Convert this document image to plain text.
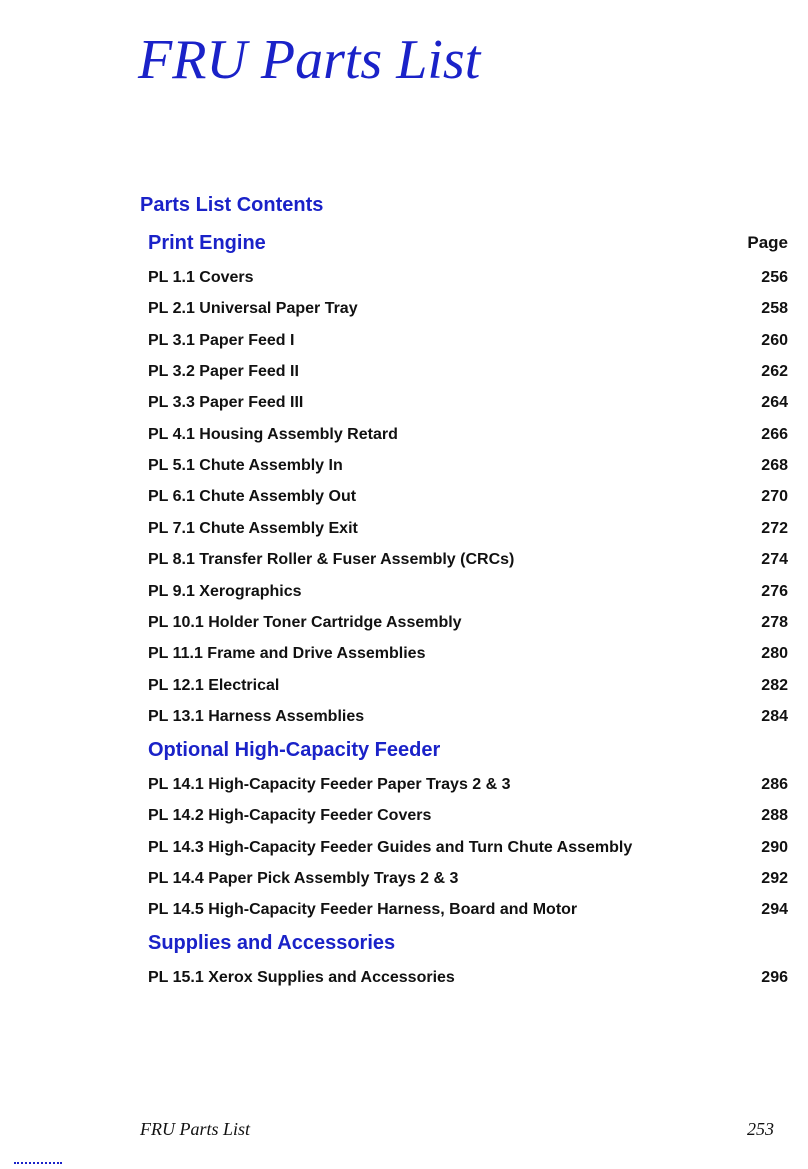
FRU Parts List
Parts List Contents
Page
Print Engine
PL 1.1 Covers	256
PL 2.1 Universal Paper Tray	258
PL 3.1 Paper Feed I	260
PL 3.2 Paper Feed II	262
PL 3.3 Paper Feed III	264
PL 4.1 Housing Assembly Retard	266
PL 5.1 Chute Assembly In	268
PL 6.1 Chute Assembly Out	270
PL 7.1 Chute Assembly Exit	272
PL 8.1 Transfer Roller & Fuser Assembly (CRCs)	274
PL 9.1 Xerographics	276
PL 10.1 Holder Toner Cartridge Assembly	278
PL 11.1 Frame and Drive Assemblies	280
PL 12.1 Electrical	282
PL 13.1 Harness Assemblies	284
Optional High-Capacity Feeder
PL 14.1 High-Capacity Feeder Paper Trays 2 & 3	286
PL 14.2 High-Capacity Feeder Covers	288
PL 14.3 High-Capacity Feeder Guides and Turn Chute Assembly	290
PL 14.4 Paper Pick Assembly Trays 2 & 3	292
PL 14.5 High-Capacity Feeder Harness, Board and Motor	294
Supplies and Accessories
PL 15.1 Xerox Supplies and Accessories	296
FRU Parts List	253
